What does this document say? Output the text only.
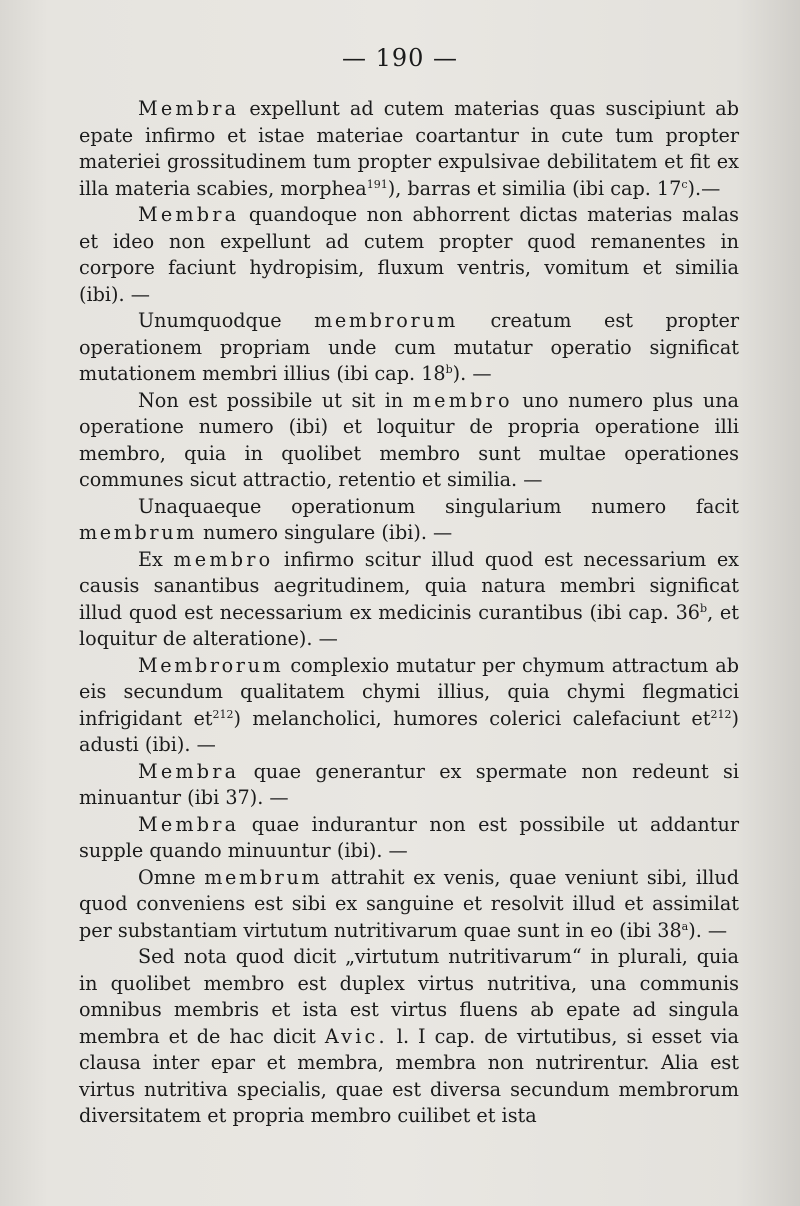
— 190 —

Membra expellunt ad cutem materias quas suscipiunt ab epate infirmo et istae materiae coartantur in cute tum propter materiei grossitudinem tum propter expulsivae debilitatem et fit ex illa materia scabies, morphea$^{191}$), barras et similia (ibi cap. 17$^c$).—

Membra quandoque non abhorrent dictas materias malas et ideo non expellunt ad cutem propter quod remanentes in corpore faciunt hydropisim, fluxum ventris, vomitum et similia (ibi). —

Unumquodque membrorum creatum est propter operationem propriam unde cum mutatur operatio significat mutationem membri illius (ibi cap. 18$^b$). —

Non est possibile ut sit in membro uno numero plus una operatione numero (ibi) et loquitur de propria operatione illi membro, quia in quolibet membro sunt multae operationes communes sicut attractio, retentio et similia. —

Unaquaeque operationum singularium numero facit membrum numero singulare (ibi). —

Ex membro infirmo scitur illud quod est necessarium ex causis sanantibus aegritudinem, quia natura membri significat illud quod est necessarium ex medicinis curantibus (ibi cap. 36$^b$, et loquitur de alteratione). —

Membrorum complexio mutatur per chymum attractum ab eis secundum qualitatem chymi illius, quia chymi flegmatici infrigidant $et^{212}$) melancholici, humores colerici calefaciunt $et^{212}$) adusti (ibi). —

Membra quae generantur ex spermate non redeunt si minuantur (ibi 37). —

Membra quae indurantur non est possibile ut addantur supple quando minuuntur (ibi). —

Omne membrum attrahit ex venis, quae veniunt sibi, illud quod conveniens est sibi ex sanguine et resolvit illud et assimilat per substantiam virtutum nutritivarum quae sunt in eo (ibi 38$^a$). —

Sed nota quod dicit „virtutum nutritivarum“ in plurali, quia in quolibet membro est duplex virtus nutritiva, una communis omnibus membris et ista est virtus fluens ab epate ad singula membra et de hac dicit Avic. l. I cap. de virtutibus, si esset via clausa inter epar et membra, membra non nutrirentur. Alia est virtus nutritiva specialis, quae est diversa secundum membrorum diversitatem et propria membro cuilibet et ista
